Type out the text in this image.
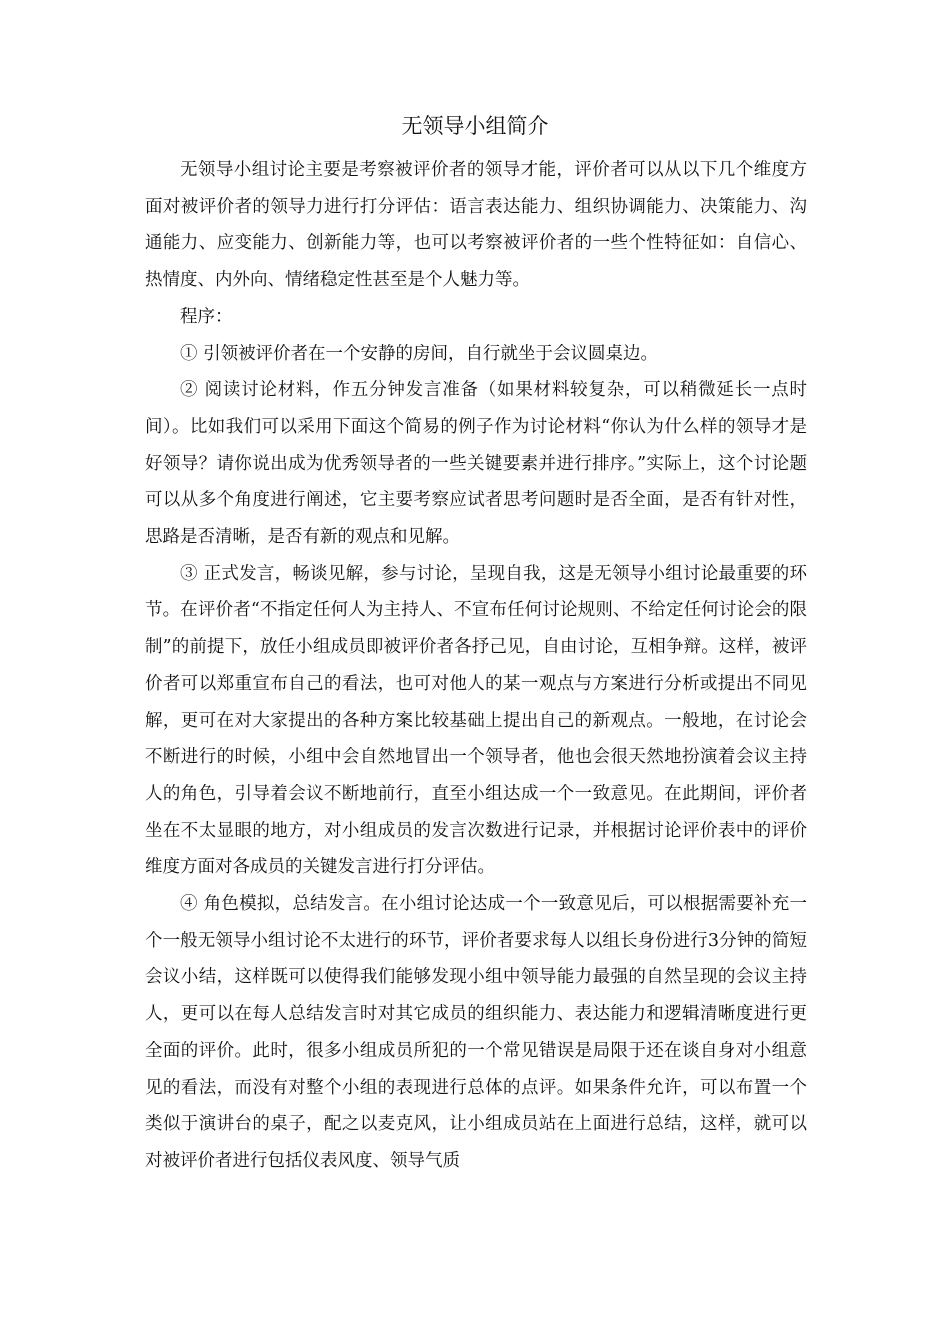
无领导小组简介

无领导小组讨论主要是考察被评价者的领导才能，评价者可以从以下几个维度方面对被评价者的领导力进行打分评估：语言表达能力、组织协调能力、决策能力、沟通能力、应变能力、创新能力等，也可以考察被评价者的一些个性特征如：自信心、热情度、内外向、情绪稳定性甚至是个人魅力等。

程序：

① 引领被评价者在一个安静的房间，自行就坐于会议圆桌边。

② 阅读讨论材料，作五分钟发言准备（如果材料较复杂，可以稍微延长一点时间）。比如我们可以采用下面这个简易的例子作为讨论材料“你认为什么样的领导才是好领导？请你说出成为优秀领导者的一些关键要素并进行排序。”实际上，这个讨论题可以从多个角度进行阐述，它主要考察应试者思考问题时是否全面，是否有针对性，思路是否清晰，是否有新的观点和见解。

③ 正式发言，畅谈见解，参与讨论，呈现自我，这是无领导小组讨论最重要的环节。在评价者“不指定任何人为主持人、不宣布任何讨论规则、不给定任何讨论会的限制”的前提下，放任小组成员即被评价者各抒己见，自由讨论，互相争辩。这样，被评价者可以郑重宣布自己的看法，也可对他人的某一观点与方案进行分析或提出不同见解，更可在对大家提出的各种方案比较基础上提出自己的新观点。一般地，在讨论会不断进行的时候，小组中会自然地冒出一个领导者，他也会很天然地扮演着会议主持人的角色，引导着会议不断地前行，直至小组达成一个一致意见。在此期间，评价者坐在不太显眼的地方，对小组成员的发言次数进行记录，并根据讨论评价表中的评价维度方面对各成员的关键发言进行打分评估。

④ 角色模拟，总结发言。在小组讨论达成一个一致意见后，可以根据需要补充一个一般无领导小组讨论不太进行的环节，评价者要求每人以组长身份进行3分钟的简短会议小结，这样既可以使得我们能够发现小组中领导能力最强的自然呈现的会议主持人，更可以在每人总结发言时对其它成员的组织能力、表达能力和逻辑清晰度进行更全面的评价。此时，很多小组成员所犯的一个常见错误是局限于还在谈自身对小组意见的看法，而没有对整个小组的表现进行总体的点评。如果条件允许，可以布置一个类似于演讲台的桌子，配之以麦克风，让小组成员站在上面进行总结，这样，就可以对被评价者进行包括仪表风度、领导气质
